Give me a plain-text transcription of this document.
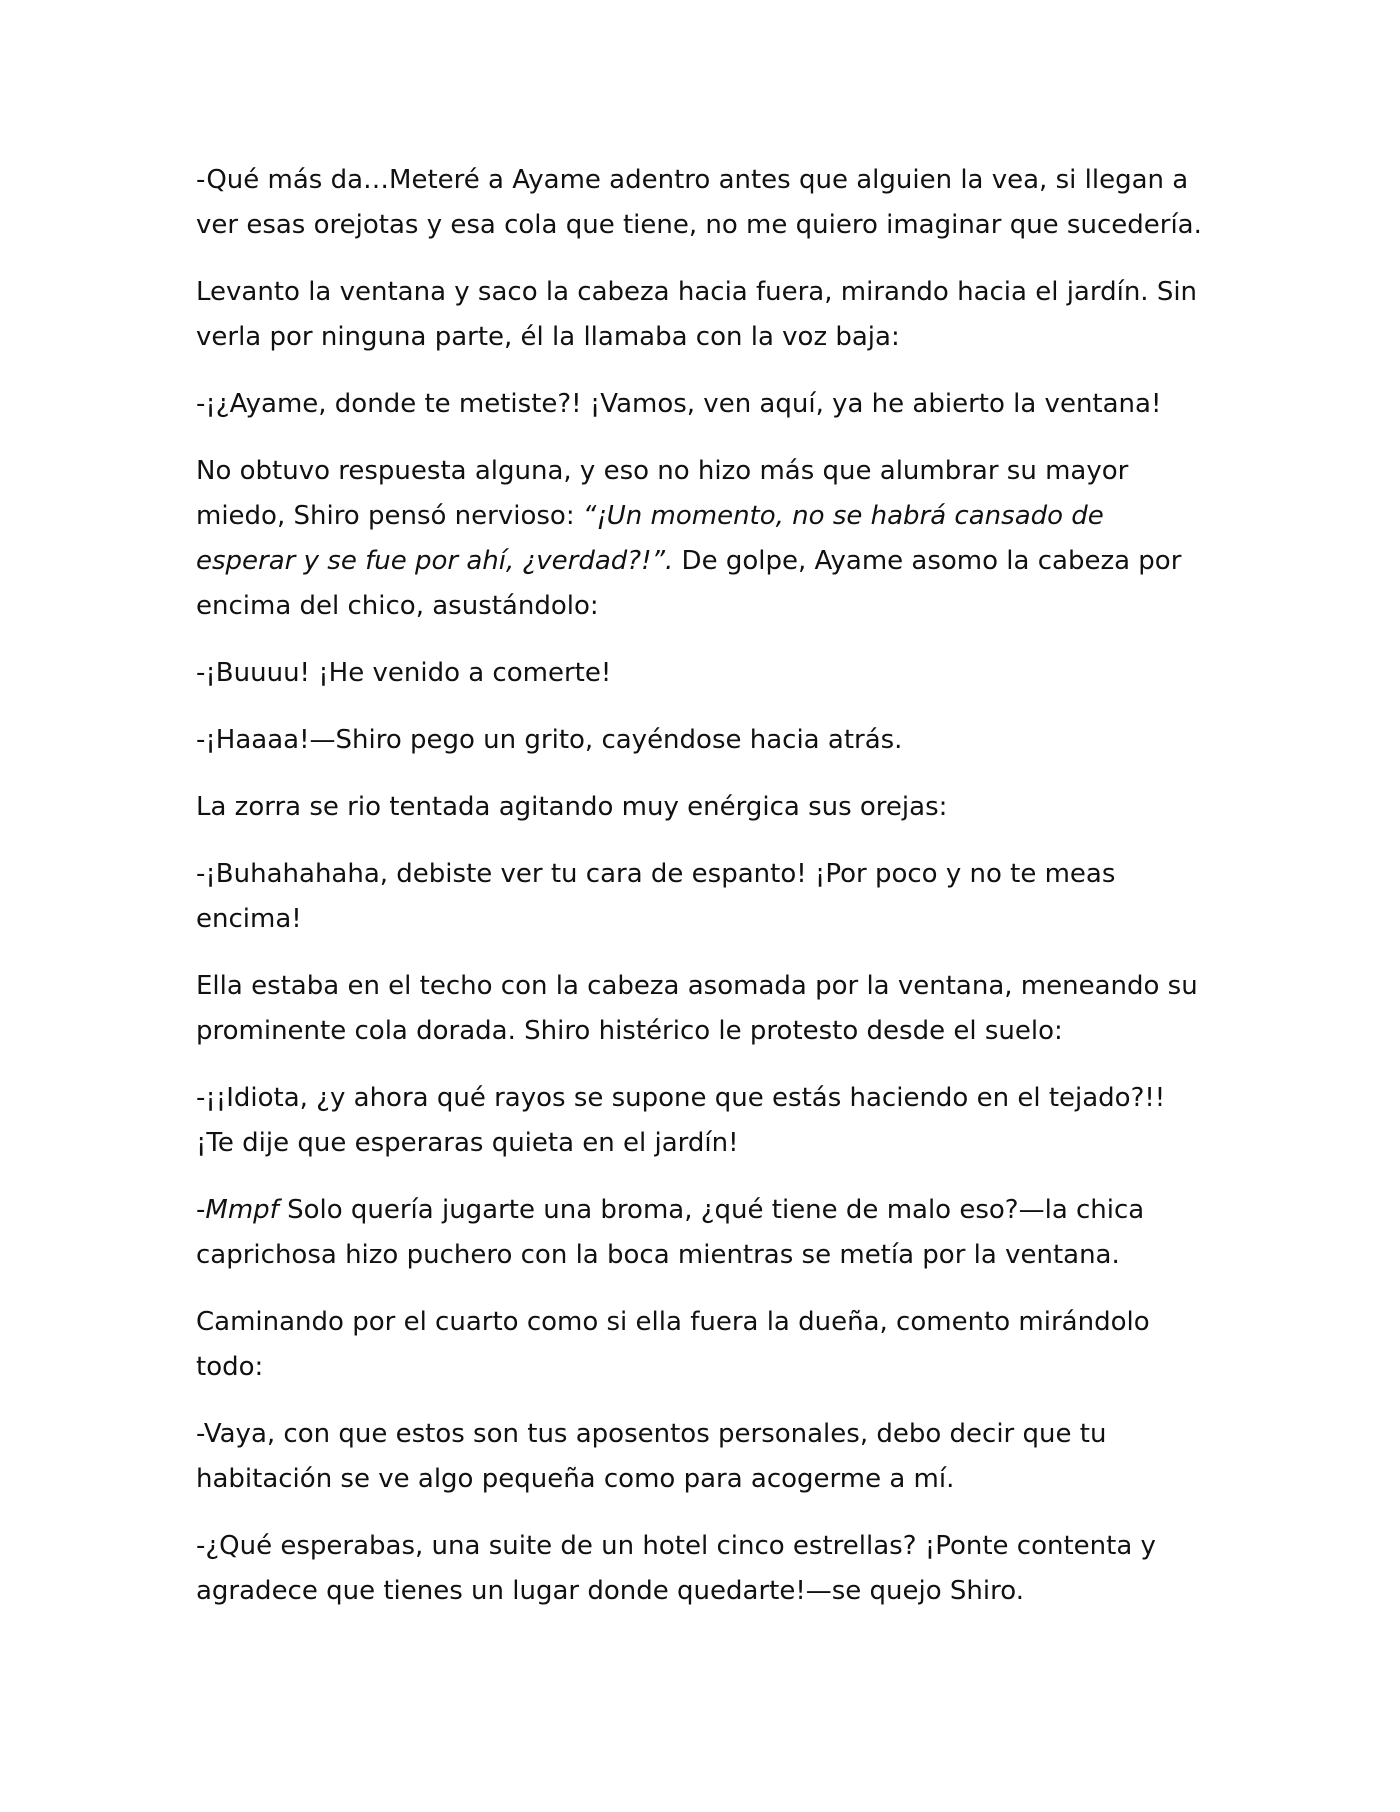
-Qué más da…Meteré a Ayame adentro antes que alguien la vea, si llegan a ver esas orejotas y esa cola que tiene, no me quiero imaginar que sucedería.

Levanto la ventana y saco la cabeza hacia fuera, mirando hacia el jardín. Sin verla por ninguna parte, él la llamaba con la voz baja:

-¡¿Ayame, donde te metiste?! ¡Vamos, ven aquí, ya he abierto la ventana!

No obtuvo respuesta alguna, y eso no hizo más que alumbrar su mayor miedo, Shiro pensó nervioso: “¡Un momento, no se habrá cansado de esperar y se fue por ahí, ¿verdad?!”. De golpe, Ayame asomo la cabeza por encima del chico, asustándolo:

-¡Buuuu! ¡He venido a comerte!

-¡Haaaa!—Shiro pego un grito, cayéndose hacia atrás.

La zorra se rio tentada agitando muy enérgica sus orejas:

-¡Buhahahaha, debiste ver tu cara de espanto! ¡Por poco y no te meas encima!

Ella estaba en el techo con la cabeza asomada por la ventana, meneando su prominente cola dorada. Shiro histérico le protesto desde el suelo:

-¡¡Idiota, ¿y ahora qué rayos se supone que estás haciendo en el tejado?!! ¡Te dije que esperaras quieta en el jardín!

-Mmpf Solo quería jugarte una broma, ¿qué tiene de malo eso?—la chica caprichosa hizo puchero con la boca mientras se metía por la ventana.

Caminando por el cuarto como si ella fuera la dueña, comento mirándolo todo:

-Vaya, con que estos son tus aposentos personales, debo decir que tu habitación se ve algo pequeña como para acogerme a mí.

-¿Qué esperabas, una suite de un hotel cinco estrellas? ¡Ponte contenta y agradece que tienes un lugar donde quedarte!—se quejo Shiro.
